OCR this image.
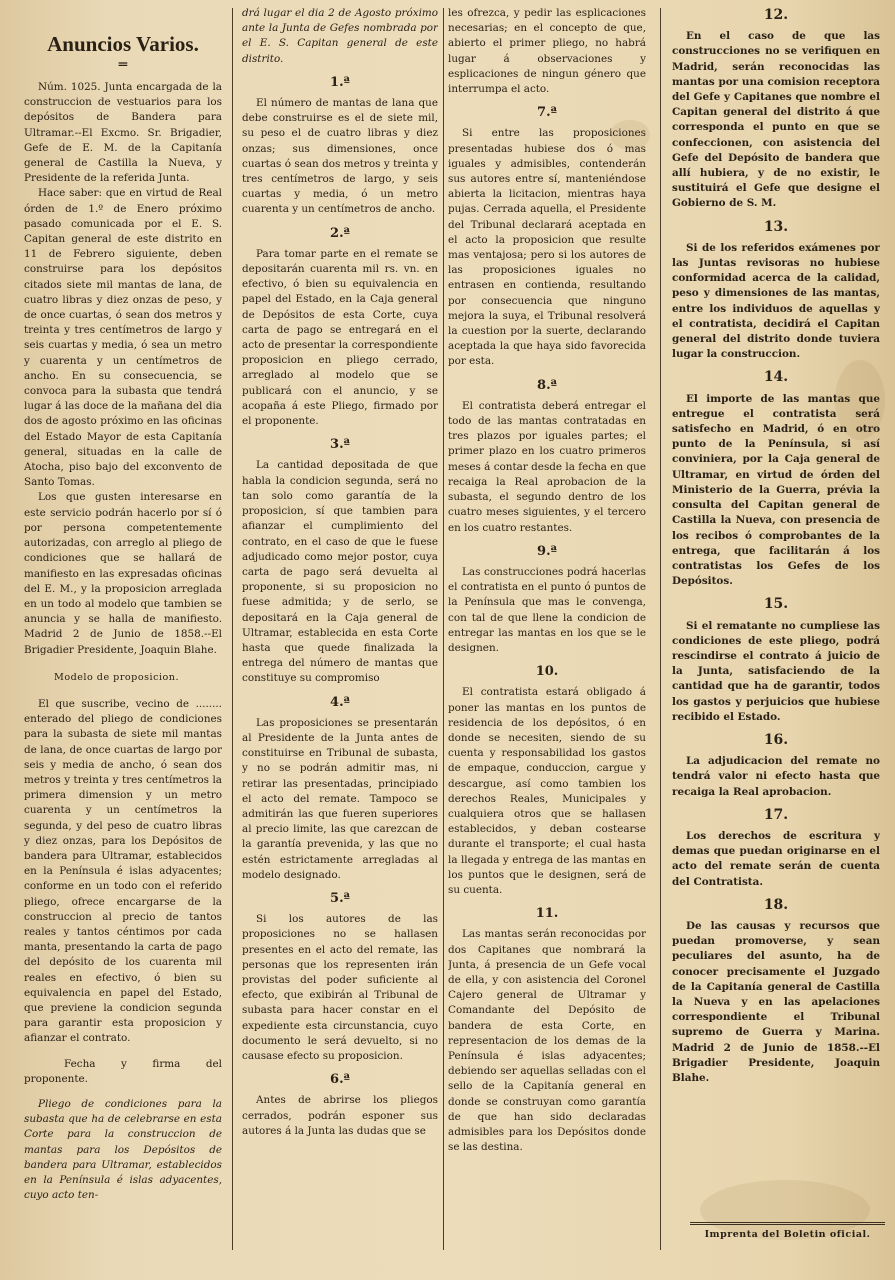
Anuncios Varios.
═

Núm. 1025. Junta encargada de la construccion de vestuarios para los depósitos de Bandera para Ultramar.--El Excmo. Sr. Brigadier, Gefe de E. M. de la Capitanía general de Castilla la Nueva, y Presidente de la referida Junta.

Hace saber: que en virtud de Real órden de 1.º de Enero próximo pasado comunicada por el E. S. Capitan general de este distrito en 11 de Febrero siguiente, deben construirse para los depósitos citados siete mil mantas de lana, de cuatro libras y diez onzas de peso, y de once cuartas, ó sean dos metros y treinta y tres centímetros de largo y seis cuartas y media, ó sea un metro y cuarenta y un centímetros de ancho. En su consecuencia, se convoca para la subasta que tendrá lugar á las doce de la mañana del dia dos de agosto próximo en las oficinas del Estado Mayor de esta Capitanía general, situadas en la calle de Atocha, piso bajo del exconvento de Santo Tomas.

Los que gusten interesarse en este servicio podrán hacerlo por sí ó por persona competentemente autorizadas, con arreglo al pliego de condiciones que se hallará de manifiesto en las expresadas oficinas del E. M., y la proposicion arreglada en un todo al modelo que tambien se anuncia y se halla de manifiesto. Madrid 2 de Junio de 1858.--El Brigadier Presidente, Joaquin Blahe.

Modelo de proposicion.

El que suscribe, vecino de ........ enterado del pliego de condiciones para la subasta de siete mil mantas de lana, de once cuartas de largo por seis y media de ancho, ó sean dos metros y treinta y tres centímetros la primera dimension y un metro cuarenta y un centímetros la segunda, y del peso de cuatro libras y diez onzas, para los Depósitos de bandera para Ultramar, establecidos en la Península é islas adyacentes; conforme en un todo con el referido pliego, ofrece encargarse de la construccion al precio de tantos reales y tantos céntimos por cada manta, presentando la carta de pago del depósito de los cuarenta mil reales en efectivo, ó bien su equivalencia en papel del Estado, que previene la condicion segunda para garantir esta proposicion y afianzar el contrato.

Fecha y firma del proponente.

Pliego de condiciones para la subasta que ha de celebrarse en esta Corte para la construccion de mantas para los Depósitos de bandera para Ultramar, establecidos en la Península é islas adyacentes, cuyo acto ten-

drá lugar el dia 2 de Agosto próximo ante la Junta de Gefes nombrada por el E. S. Capitan general de este distrito.

1.ª

El número de mantas de lana que debe construirse es el de siete mil, su peso el de cuatro libras y diez onzas; sus dimensiones, once cuartas ó sean dos metros y treinta y tres centímetros de largo, y seis cuartas y media, ó un metro cuarenta y un centímetros de ancho.

2.ª

Para tomar parte en el remate se depositarán cuarenta mil rs. vn. en efectivo, ó bien su equivalencia en papel del Estado, en la Caja general de Depósitos de esta Corte, cuya carta de pago se entregará en el acto de presentar la correspondiente proposicion en pliego cerrado, arreglado al modelo que se publicará con el anuncio, y se acopaña á este Pliego, firmado por el proponente.

3.ª

La cantidad depositada de que habla la condicion segunda, será no tan solo como garantía de la proposicion, sí que tambien para afianzar el cumplimiento del contrato, en el caso de que le fuese adjudicado como mejor postor, cuya carta de pago será devuelta al proponente, si su proposicion no fuese admitida; y de serlo, se depositará en la Caja general de Ultramar, establecida en esta Corte hasta que quede finalizada la entrega del número de mantas que constituye su compromiso

4.ª

Las proposiciones se presentarán al Presidente de la Junta antes de constituirse en Tribunal de subasta, y no se podrán admitir mas, ni retirar las presentadas, principiado el acto del remate. Tampoco se admitirán las que fueren superiores al precio limite, las que carezcan de la garantía prevenida, y las que no estén estrictamente arregladas al modelo designado.

5.ª

Si los autores de las proposiciones no se hallasen presentes en el acto del remate, las personas que los representen irán provistas del poder suficiente al efecto, que exibirán al Tribunal de subasta para hacer constar en el expediente esta circunstancia, cuyo documento le será devuelto, si no causase efecto su proposicion.

6.ª

Antes de abrirse los pliegos cerrados, podrán esponer sus autores á la Junta las dudas que se

les ofrezca, y pedir las esplicaciones necesarias; en el concepto de que, abierto el primer pliego, no habrá lugar á observaciones y esplicaciones de ningun género que interrumpa el acto.

7.ª

Si entre las proposiciones presentadas hubiese dos ó mas iguales y admisibles, contenderán sus autores entre sí, manteniéndose abierta la licitacion, mientras haya pujas. Cerrada aquella, el Presidente del Tribunal declarará aceptada en el acto la proposicion que resulte mas ventajosa; pero si los autores de las proposiciones iguales no entrasen en contienda, resultando por consecuencia que ninguno mejora la suya, el Tribunal resolverá la cuestion por la suerte, declarando aceptada la que haya sido favorecida por esta.

8.ª

El contratista deberá entregar el todo de las mantas contratadas en tres plazos por iguales partes; el primer plazo en los cuatro primeros meses á contar desde la fecha en que recaiga la Real aprobacion de la subasta, el segundo dentro de los cuatro meses siguientes, y el tercero en los cuatro restantes.

9.ª

Las construcciones podrá hacerlas el contratista en el punto ó puntos de la Península que mas le convenga, con tal de que llene la condicion de entregar las mantas en los que se le designen.

10.

El contratista estará obligado á poner las mantas en los puntos de residencia de los depósitos, ó en donde se necesiten, siendo de su cuenta y responsabilidad los gastos de empaque, conduccion, cargue y descargue, así como tambien los derechos Reales, Municipales y cualquiera otros que se hallasen establecidos, y deban costearse durante el transporte; el cual hasta la llegada y entrega de las mantas en los puntos que le designen, será de su cuenta.

11.

Las mantas serán reconocidas por dos Capitanes que nombrará la Junta, á presencia de un Gefe vocal de ella, y con asistencia del Coronel Cajero general de Ultramar y Comandante del Depósito de bandera de esta Corte, en representacion de los demas de la Península é islas adyacentes; debiendo ser aquellas selladas con el sello de la Capitanía general en donde se construyan como garantía de que han sido declaradas admisibles para los Depósitos donde se las destina.

12.

En el caso de que las construcciones no se verifiquen en Madrid, serán reconocidas las mantas por una comision receptora del Gefe y Capitanes que nombre el Capitan general del distrito á que corresponda el punto en que se confeccionen, con asistencia del Gefe del Depósito de bandera que allí hubiera, y de no existir, le sustituirá el Gefe que designe el Gobierno de S. M.

13.

Si de los referidos exámenes por las Juntas revisoras no hubiese conformidad acerca de la calidad, peso y dimensiones de las mantas, entre los individuos de aquellas y el contratista, decidirá el Capitan general del distrito donde tuviera lugar la construccion.

14.

El importe de las mantas que entregue el contratista será satisfecho en Madrid, ó en otro punto de la Península, si así conviniera, por la Caja general de Ultramar, en virtud de órden del Ministerio de la Guerra, prévia la consulta del Capitan general de Castilla la Nueva, con presencia de los recibos ó comprobantes de la entrega, que facilitarán á los contratistas los Gefes de los Depósitos.

15.

Si el rematante no cumpliese las condiciones de este pliego, podrá rescindirse el contrato á juicio de la Junta, satisfaciendo de la cantidad que ha de garantir, todos los gastos y perjuicios que hubiese recibido el Estado.

16.

La adjudicacion del remate no tendrá valor ni efecto hasta que recaiga la Real aprobacion.

17.

Los derechos de escritura y demas que puedan originarse en el acto del remate serán de cuenta del Contratista.

18.

De las causas y recursos que puedan promoverse, y sean peculiares del asunto, ha de conocer precisamente el Juzgado de la Capitanía general de Castilla la Nueva y en las apelaciones correspondiente el Tribunal supremo de Guerra y Marina. Madrid 2 de Junio de 1858.--El Brigadier Presidente, Joaquin Blahe.

Imprenta del Boletin oficial.
